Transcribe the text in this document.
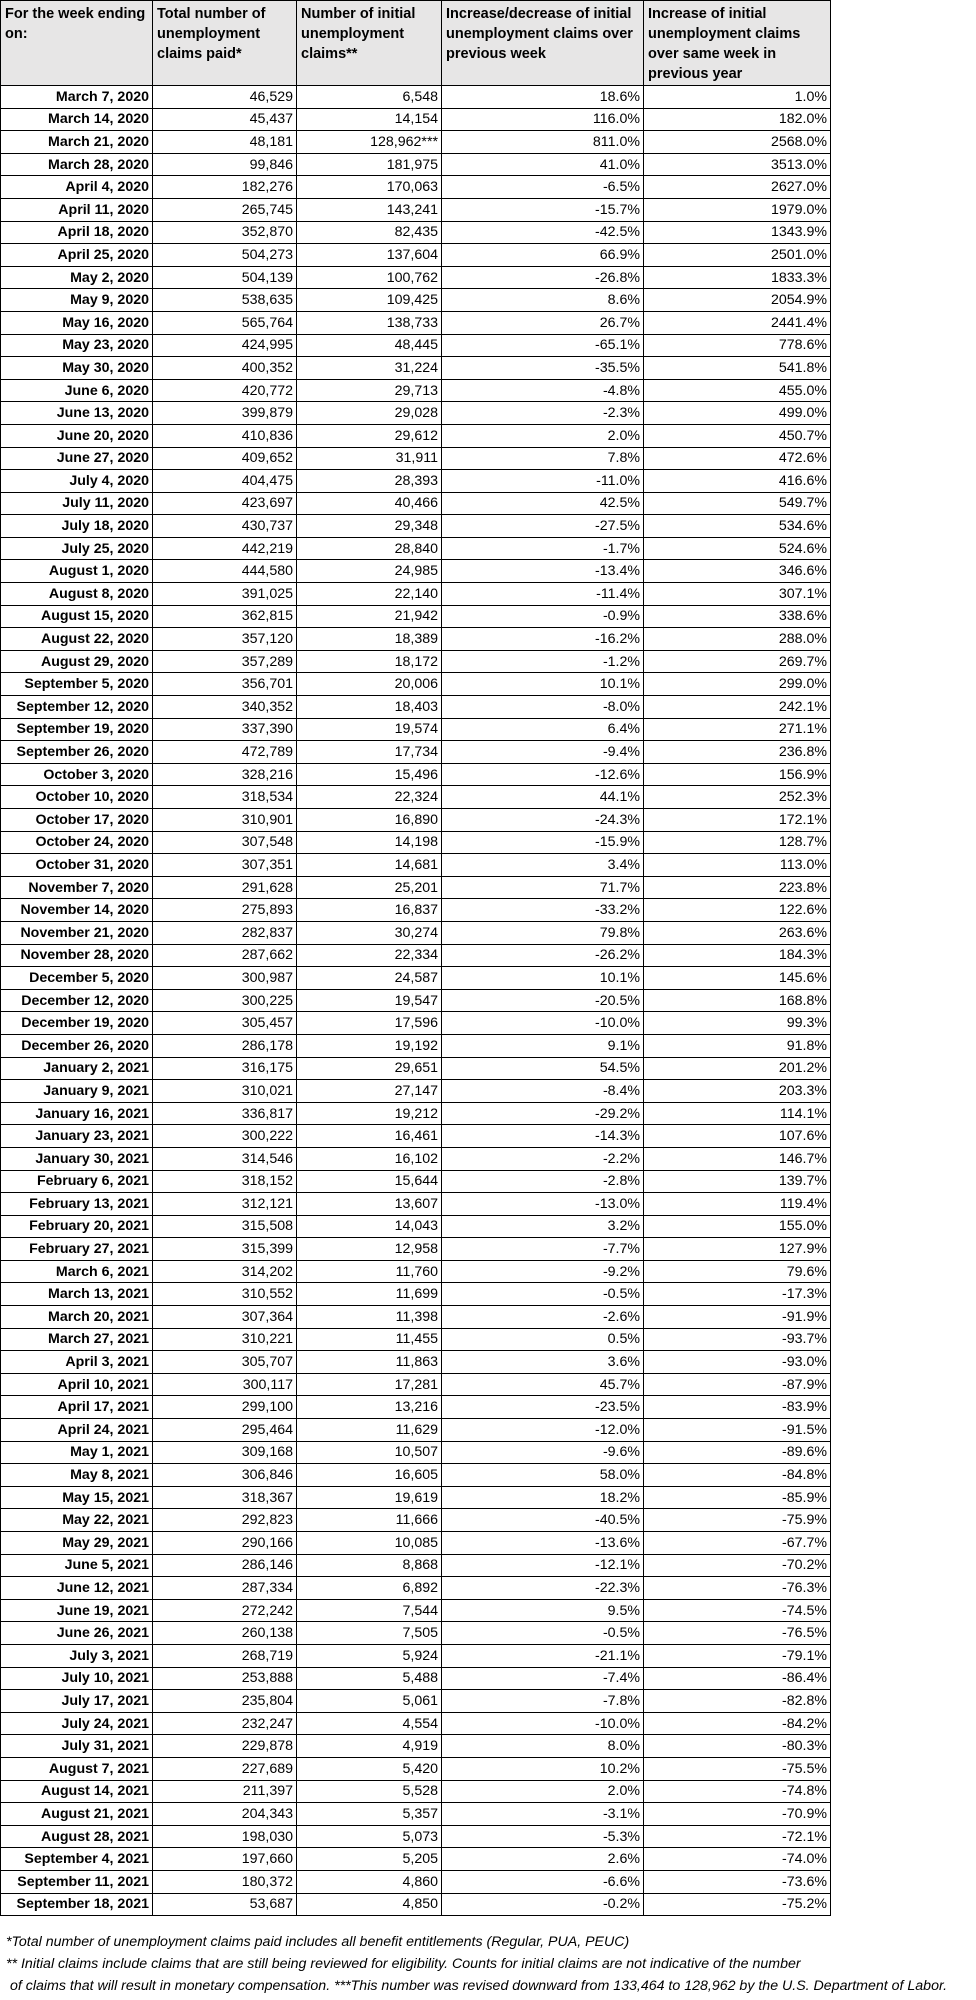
For the week ending on:	Total number of unemployment claims paid*	Number of initial unemployment claims**	Increase/decrease of initial unemployment claims over previous week	Increase of initial unemployment claims over same week in previous year
March 7, 2020	46,529	6,548	18.6%	1.0%
March 14, 2020	45,437	14,154	116.0%	182.0%
March 21, 2020	48,181	128,962***	811.0%	2568.0%
March 28, 2020	99,846	181,975	41.0%	3513.0%
April 4, 2020	182,276	170,063	-6.5%	2627.0%
April 11, 2020	265,745	143,241	-15.7%	1979.0%
April 18, 2020	352,870	82,435	-42.5%	1343.9%
April 25, 2020	504,273	137,604	66.9%	2501.0%
May 2, 2020	504,139	100,762	-26.8%	1833.3%
May 9, 2020	538,635	109,425	8.6%	2054.9%
May 16, 2020	565,764	138,733	26.7%	2441.4%
May 23, 2020	424,995	48,445	-65.1%	778.6%
May 30, 2020	400,352	31,224	-35.5%	541.8%
June 6, 2020	420,772	29,713	-4.8%	455.0%
June 13, 2020	399,879	29,028	-2.3%	499.0%
June 20, 2020	410,836	29,612	2.0%	450.7%
June 27, 2020	409,652	31,911	7.8%	472.6%
July 4, 2020	404,475	28,393	-11.0%	416.6%
July 11, 2020	423,697	40,466	42.5%	549.7%
July 18, 2020	430,737	29,348	-27.5%	534.6%
July 25, 2020	442,219	28,840	-1.7%	524.6%
August 1, 2020	444,580	24,985	-13.4%	346.6%
August 8, 2020	391,025	22,140	-11.4%	307.1%
August 15, 2020	362,815	21,942	-0.9%	338.6%
August 22, 2020	357,120	18,389	-16.2%	288.0%
August 29, 2020	357,289	18,172	-1.2%	269.7%
September 5, 2020	356,701	20,006	10.1%	299.0%
September 12, 2020	340,352	18,403	-8.0%	242.1%
September 19, 2020	337,390	19,574	6.4%	271.1%
September 26, 2020	472,789	17,734	-9.4%	236.8%
October 3, 2020	328,216	15,496	-12.6%	156.9%
October 10, 2020	318,534	22,324	44.1%	252.3%
October 17, 2020	310,901	16,890	-24.3%	172.1%
October 24, 2020	307,548	14,198	-15.9%	128.7%
October 31, 2020	307,351	14,681	3.4%	113.0%
November 7, 2020	291,628	25,201	71.7%	223.8%
November 14, 2020	275,893	16,837	-33.2%	122.6%
November 21, 2020	282,837	30,274	79.8%	263.6%
November 28, 2020	287,662	22,334	-26.2%	184.3%
December 5, 2020	300,987	24,587	10.1%	145.6%
December 12, 2020	300,225	19,547	-20.5%	168.8%
December 19, 2020	305,457	17,596	-10.0%	99.3%
December 26, 2020	286,178	19,192	9.1%	91.8%
January 2, 2021	316,175	29,651	54.5%	201.2%
January 9, 2021	310,021	27,147	-8.4%	203.3%
January 16, 2021	336,817	19,212	-29.2%	114.1%
January 23, 2021	300,222	16,461	-14.3%	107.6%
January 30, 2021	314,546	16,102	-2.2%	146.7%
February 6, 2021	318,152	15,644	-2.8%	139.7%
February 13, 2021	312,121	13,607	-13.0%	119.4%
February 20, 2021	315,508	14,043	3.2%	155.0%
February 27, 2021	315,399	12,958	-7.7%	127.9%
March 6, 2021	314,202	11,760	-9.2%	79.6%
March 13, 2021	310,552	11,699	-0.5%	-17.3%
March 20, 2021	307,364	11,398	-2.6%	-91.9%
March 27, 2021	310,221	11,455	0.5%	-93.7%
April 3, 2021	305,707	11,863	3.6%	-93.0%
April 10, 2021	300,117	17,281	45.7%	-87.9%
April 17, 2021	299,100	13,216	-23.5%	-83.9%
April 24, 2021	295,464	11,629	-12.0%	-91.5%
May 1, 2021	309,168	10,507	-9.6%	-89.6%
May 8, 2021	306,846	16,605	58.0%	-84.8%
May 15, 2021	318,367	19,619	18.2%	-85.9%
May 22, 2021	292,823	11,666	-40.5%	-75.9%
May 29, 2021	290,166	10,085	-13.6%	-67.7%
June 5, 2021	286,146	8,868	-12.1%	-70.2%
June 12, 2021	287,334	6,892	-22.3%	-76.3%
June 19, 2021	272,242	7,544	9.5%	-74.5%
June 26, 2021	260,138	7,505	-0.5%	-76.5%
July 3, 2021	268,719	5,924	-21.1%	-79.1%
July 10, 2021	253,888	5,488	-7.4%	-86.4%
July 17, 2021	235,804	5,061	-7.8%	-82.8%
July 24, 2021	232,247	4,554	-10.0%	-84.2%
July 31, 2021	229,878	4,919	8.0%	-80.3%
August 7, 2021	227,689	5,420	10.2%	-75.5%
August 14, 2021	211,397	5,528	2.0%	-74.8%
August 21, 2021	204,343	5,357	-3.1%	-70.9%
August 28, 2021	198,030	5,073	-5.3%	-72.1%
September 4, 2021	197,660	5,205	2.6%	-74.0%
September 11, 2021	180,372	4,860	-6.6%	-73.6%
September 18, 2021	53,687	4,850	-0.2%	-75.2%
*Total number of unemployment claims paid includes all benefit entitlements (Regular, PUA, PEUC)
** Initial claims include claims that are still being reviewed for eligibility. Counts for initial claims are not indicative of the number
of claims that will result in monetary compensation. ***This number was revised downward from 133,464 to 128,962 by the U.S. Department of Labor.
